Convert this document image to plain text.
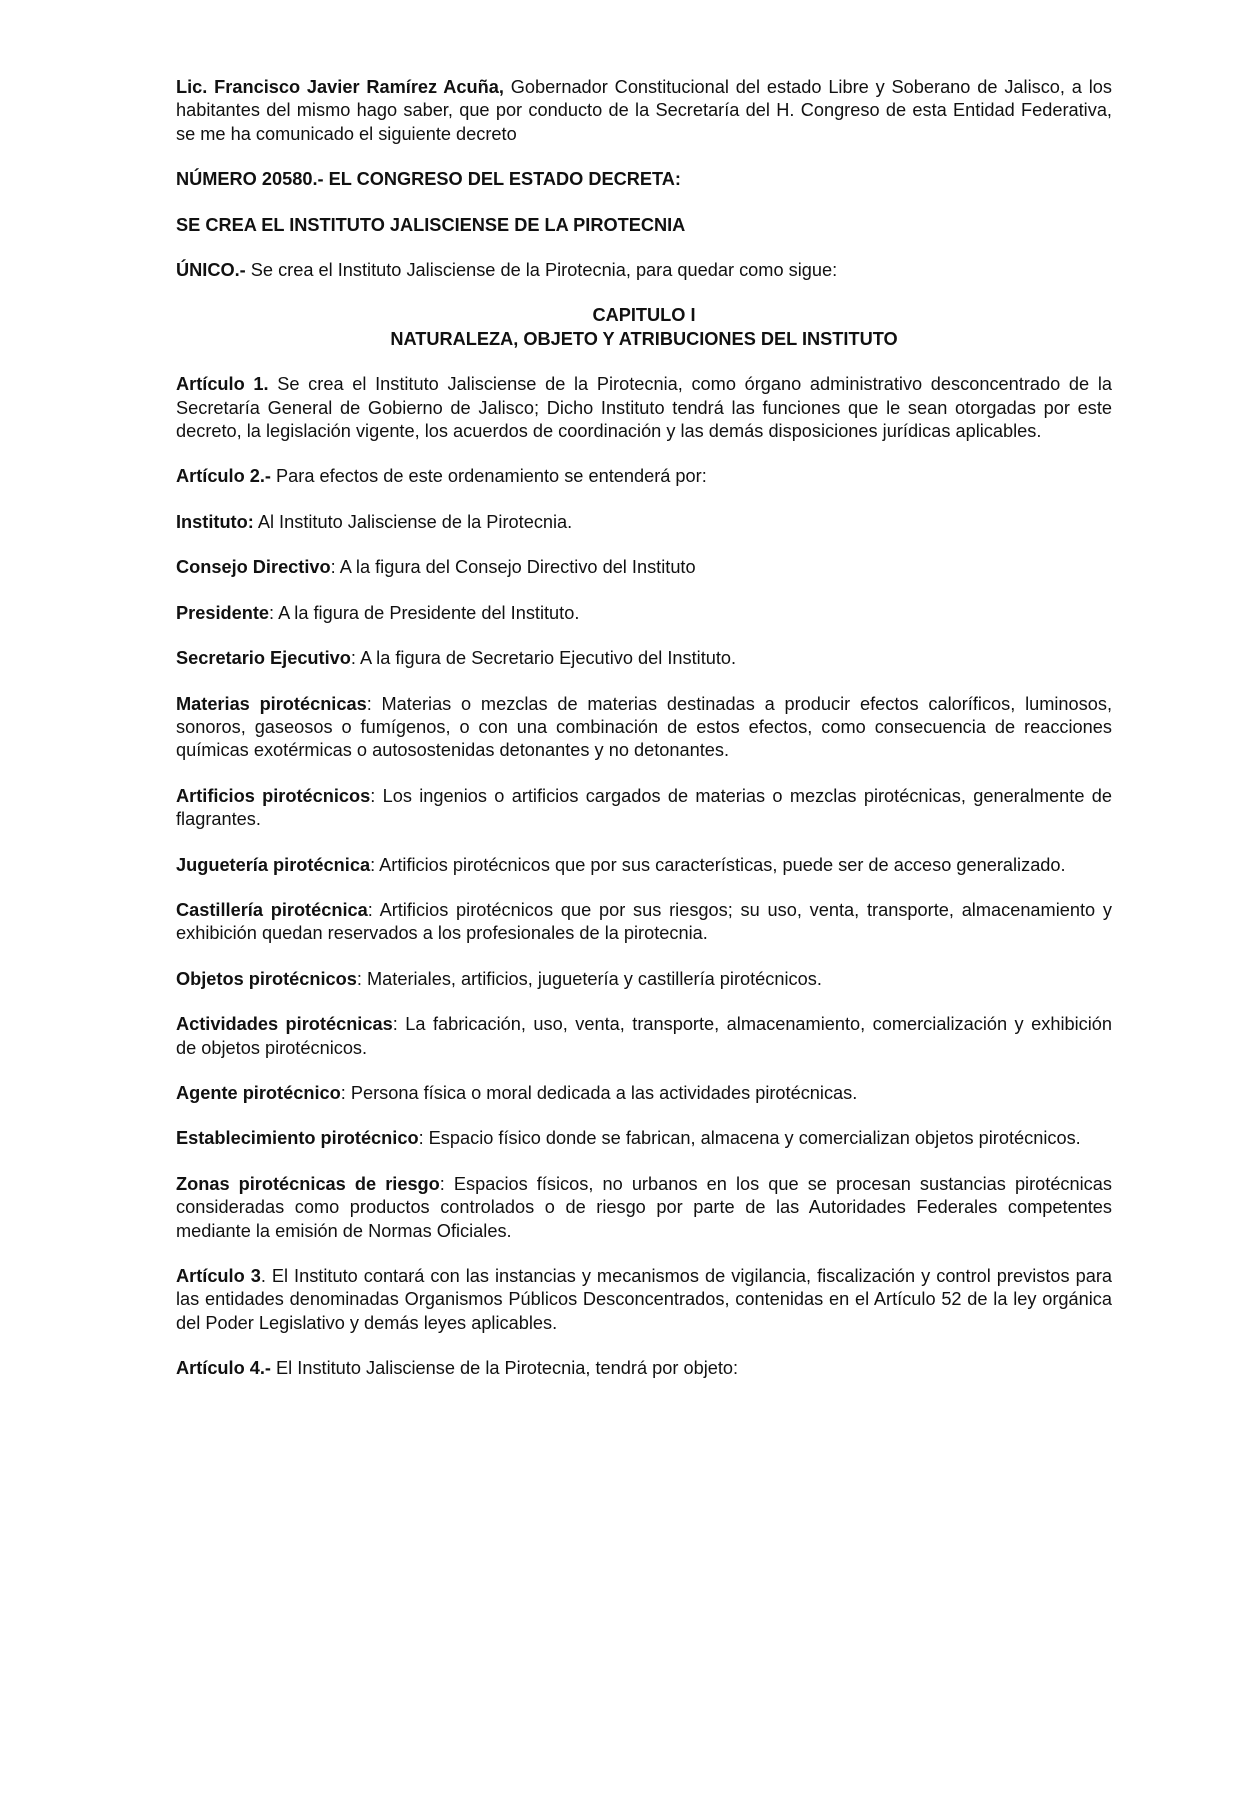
Lic. Francisco Javier Ramírez Acuña, Gobernador Constitucional del estado Libre y Soberano de Jalisco, a los habitantes del mismo hago saber, que por conducto de la Secretaría del H. Congreso de esta Entidad Federativa, se me ha comunicado el siguiente decreto

NÚMERO 20580.- EL CONGRESO DEL ESTADO DECRETA:

SE CREA EL INSTITUTO JALISCIENSE DE LA PIROTECNIA

ÚNICO.- Se crea el Instituto Jalisciense de la Pirotecnia, para quedar como sigue:

CAPITULO I

NATURALEZA, OBJETO Y ATRIBUCIONES DEL INSTITUTO

Artículo 1. Se crea el Instituto Jalisciense de la Pirotecnia, como órgano administrativo desconcentrado de la Secretaría General de Gobierno de Jalisco; Dicho Instituto tendrá las funciones que le sean otorgadas por este decreto, la legislación vigente, los acuerdos de coordinación y las demás disposiciones jurídicas aplicables.

Artículo 2.- Para efectos de este ordenamiento se entenderá por:

Instituto: Al Instituto Jalisciense de la Pirotecnia.

Consejo Directivo: A la figura del Consejo Directivo del Instituto

Presidente: A la figura de Presidente del Instituto.

Secretario Ejecutivo: A la figura de Secretario Ejecutivo del Instituto.

Materias pirotécnicas: Materias o mezclas de materias destinadas a producir efectos caloríficos, luminosos, sonoros, gaseosos o fumígenos, o con una combinación de estos efectos, como consecuencia de reacciones químicas exotérmicas o autosostenidas detonantes y no detonantes.

Artificios pirotécnicos: Los ingenios o artificios cargados de materias o mezclas pirotécnicas, generalmente de flagrantes.

Juguetería pirotécnica: Artificios pirotécnicos que por sus características, puede ser de acceso generalizado.

Castillería pirotécnica: Artificios pirotécnicos que por sus riesgos; su uso, venta, transporte, almacenamiento y exhibición quedan reservados a los profesionales de la pirotecnia.

Objetos pirotécnicos: Materiales, artificios, juguetería y castillería pirotécnicos.

Actividades pirotécnicas: La fabricación, uso, venta, transporte, almacenamiento, comercialización y exhibición de objetos pirotécnicos.

Agente pirotécnico: Persona física o moral dedicada a las actividades pirotécnicas.

Establecimiento pirotécnico: Espacio físico donde se fabrican, almacena y comercializan objetos pirotécnicos.

Zonas pirotécnicas de riesgo: Espacios físicos, no urbanos en los que se procesan sustancias pirotécnicas consideradas como productos controlados o de riesgo por parte de las Autoridades Federales competentes mediante la emisión de Normas Oficiales.

Artículo 3. El Instituto contará con las instancias y mecanismos de vigilancia, fiscalización y control previstos para las entidades denominadas Organismos Públicos Desconcentrados, contenidas en el Artículo 52 de la ley orgánica del Poder Legislativo y demás leyes aplicables.

Artículo 4.- El Instituto Jalisciense de la Pirotecnia, tendrá por objeto:
